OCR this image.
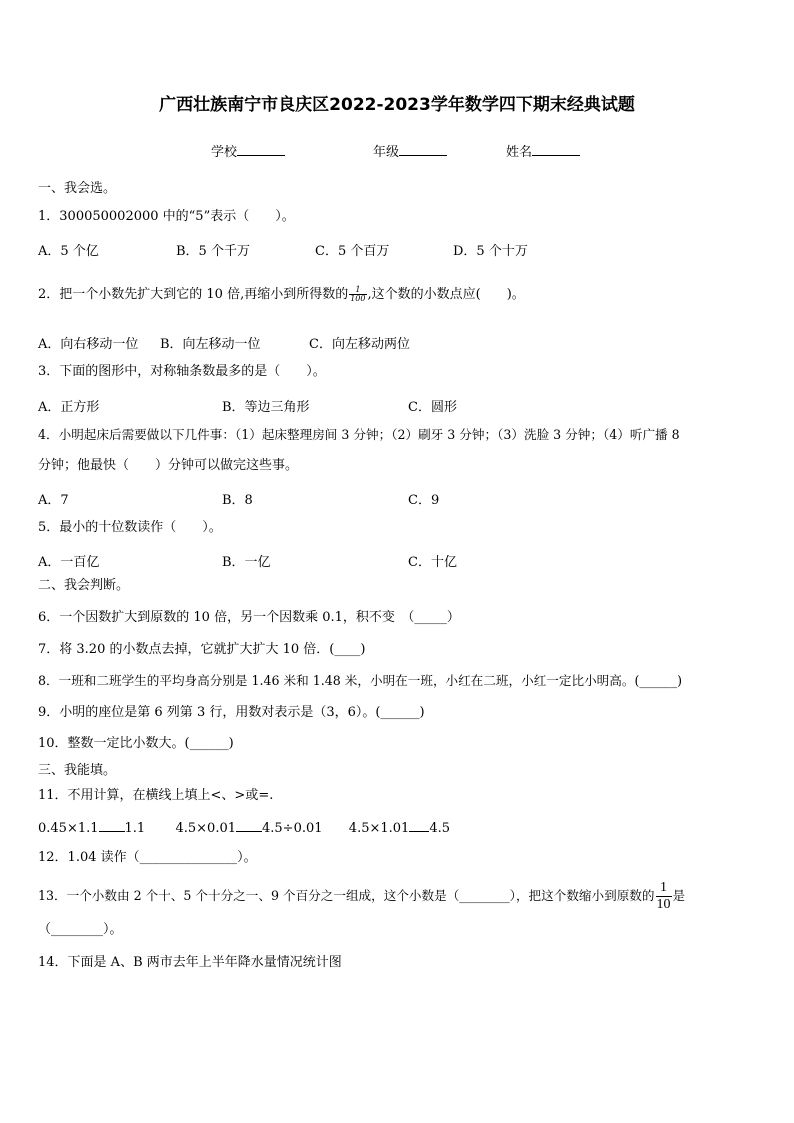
广西壮族南宁市良庆区2022-2023学年数学四下期末经典试题
学校	年级	姓名
一、我会选。
1．300050002000 中的“5”表示（　　）。
A．5 个亿	B．5 个千万	C．5 个百万	D．5 个十万
2．把一个小数先扩大到它的 10 倍,再缩小到所得数的 $\frac{1}{100}$ ,这个数的小数点应(　　)。
A．向右移动一位 B．向左移动一位	C．向左移动两位
3．下面的图形中，对称轴条数最多的是（　　）。
A．正方形	B．等边三角形	C．圆形
4．小明起床后需要做以下几件事：（1）起床整理房间 3 分钟；（2）刷牙 3 分钟；（3）洗脸 3 分钟；（4）听广播 8
分钟；他最快（　　）分钟可以做完这些事。
A．7	B．8	C．9
5．最小的十位数读作（　　）。
A．一百亿	B．一亿	C．十亿
二、我会判断。
6．一个因数扩大到原数的 10 倍，另一个因数乘 0.1，积不变　（_____）
7．将 3.20 的小数点去掉，它就扩大扩大 10 倍．(____)
8．一班和二班学生的平均身高分别是 1.46 米和 1.48 米，小明在一班，小红在二班，小红一定比小明高。(______)
9．小明的座位是第 6 列第 3 行，用数对表示是（3，6）。(______)
10．整数一定比小数大。(______)
三、我能填。
11．不用计算，在横线上填上<、>或=.
0.45×1.1 1.1 4.5×0.01 4.5÷0.01 4.5×1.01 4.5
12．1.04 读作（_______________）。
13．一个小数由 2 个十、5 个十分之一、9 个百分之一组成，这个小数是（________），把这个数缩小到原数的 $\frac{1}{10}$ 是
（________）。
14．下面是 A、B 两市去年上半年降水量情况统计图
